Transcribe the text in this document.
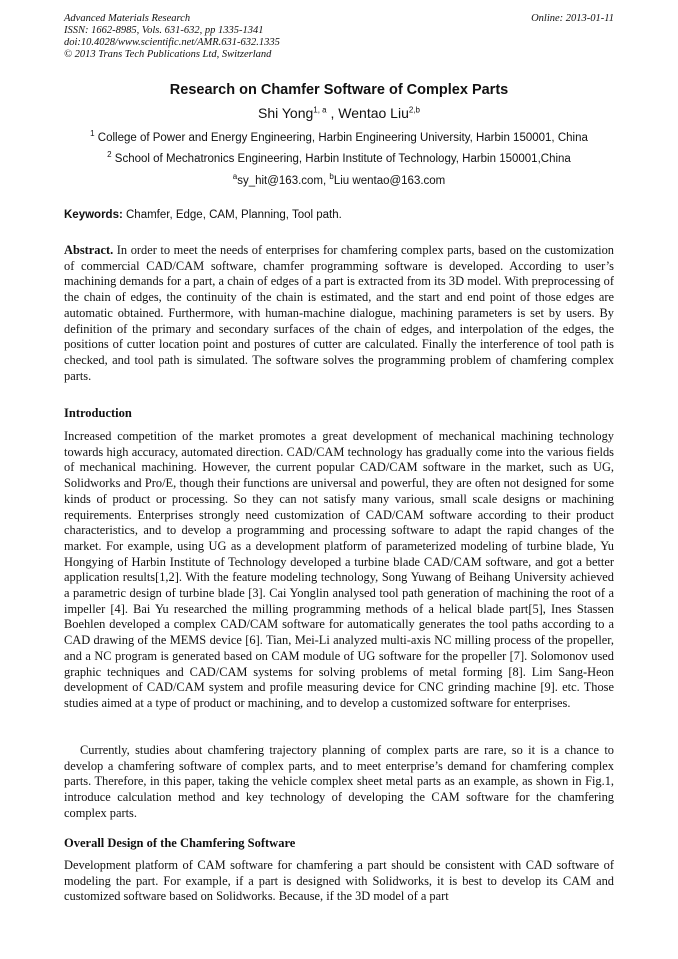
Advanced Materials Research
ISSN: 1662-8985, Vols. 631-632, pp 1335-1341
doi:10.4028/www.scientific.net/AMR.631-632.1335
© 2013 Trans Tech Publications Ltd, Switzerland
Online: 2013-01-11
Research on Chamfer Software of Complex Parts
Shi Yong$^{1, a}$ , Wentao Liu$^{2,b}$
$^1$ College of Power and Energy Engineering, Harbin Engineering University, Harbin 150001, China
$^2$ School of Mechatronics Engineering, Harbin Institute of Technology, Harbin 150001,China
$^a$sy_hit@163.com, $^b$Liu wentao@163.com
Keywords: Chamfer, Edge, CAM, Planning, Tool path.

Abstract. In order to meet the needs of enterprises for chamfering complex parts, based on the customization of commercial CAD/CAM software, chamfer programming software is developed. According to user’s machining demands for a part, a chain of edges of a part is extracted from its 3D model. With preprocessing of the chain of edges, the continuity of the chain is estimated, and the start and end point of those edges are automatic obtained. Furthermore, with human-machine dialogue, machining parameters is set by users. By definition of the primary and secondary surfaces of the chain of edges, and interpolation of the edges, the positions of cutter location point and postures of cutter are calculated. Finally the interference of tool path is checked, and tool path is simulated. The software solves the programming problem of chamfering complex parts.

Introduction

Increased competition of the market promotes a great development of mechanical machining technology towards high accuracy, automated direction. CAD/CAM technology has gradually come into the various fields of mechanical machining. However, the current popular CAD/CAM software in the market, such as UG, Solidworks and Pro/E, though their functions are universal and powerful, they are often not designed for some kinds of product or processing. So they can not satisfy many various, small scale designs or machining requirements. Enterprises strongly need customization of CAD/CAM software according to their product characteristics, and to develop a programming and processing software to adapt the rapid changes of the market. For example, using UG as a development platform of parameterized modeling of turbine blade, Yu Hongying of Harbin Institute of Technology developed a turbine blade CAD/CAM software, and got a better application results[1,2]. With the feature modeling technology, Song Yuwang of Beihang University achieved a parametric design of turbine blade [3]. Cai Yonglin analysed tool path generation of machining the root of a impeller [4]. Bai Yu researched the milling programming methods of a helical blade part[5], Ines Stassen Boehlen developed a complex CAD/CAM software for automatically generates the tool paths according to a CAD drawing of the MEMS device [6]. Tian, Mei-Li analyzed multi-axis NC milling process of the propeller, and a NC program is generated based on CAM module of UG software for the propeller [7]. Solomonov used graphic techniques and CAD/CAM systems for solving problems of metal forming [8]. Lim Sang-Heon development of CAD/CAM system and profile measuring device for CNC grinding machine [9]. etc. Those studies aimed at a type of product or machining, and to develop a customized software for enterprises.

Currently, studies about chamfering trajectory planning of complex parts are rare, so it is a chance to develop a chamfering software of complex parts, and to meet enterprise’s demand for chamfering complex parts. Therefore, in this paper, taking the vehicle complex sheet metal parts as an example, as shown in Fig.1, introduce calculation method and key technology of developing the CAM software for the chamfering complex parts.

Overall Design of the Chamfering Software

Development platform of CAM software for chamfering a part should be consistent with CAD software of modeling the part. For example, if a part is designed with Solidworks, it is best to develop its CAM and customized software based on Solidworks. Because, if the 3D model of a part
